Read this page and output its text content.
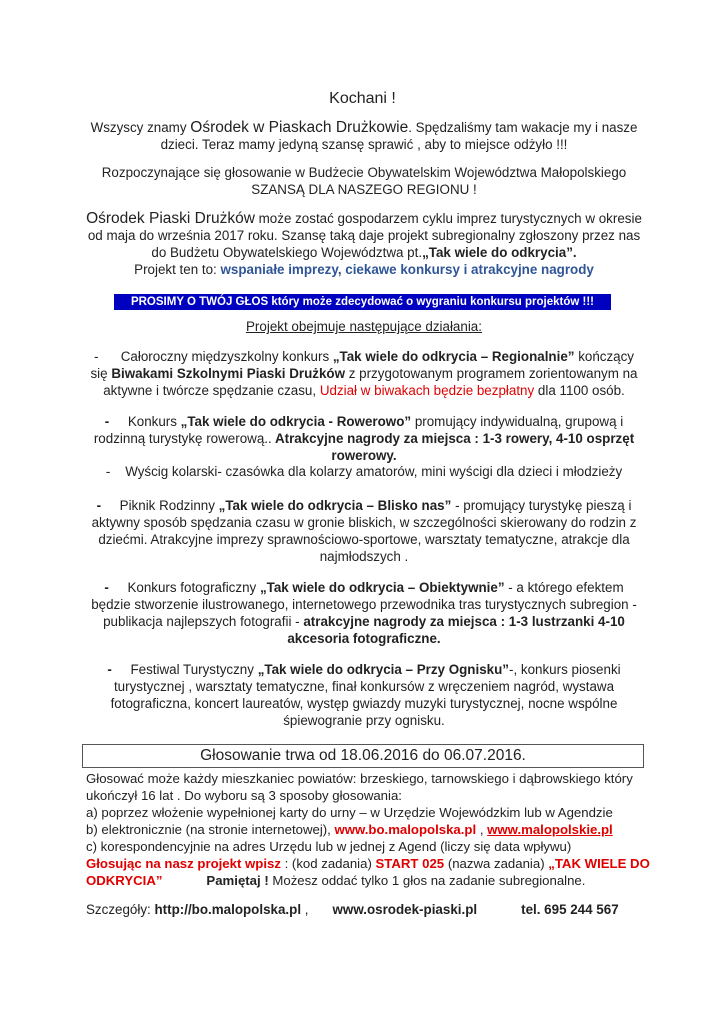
Kochani !

Wszyscy znamy Ośrodek w Piaskach Drużkowie. Spędzaliśmy tam wakacje my i nasze dzieci. Teraz mamy jedyną szansę sprawić , aby to miejsce odżyło !!!

Rozpoczynające się głosowanie w Budżecie Obywatelskim Województwa Małopolskiego

SZANSĄ DLA NASZEGO REGIONU !

Ośrodek Piaski Drużków może zostać gospodarzem cyklu imprez turystycznych w okresie od maja do września 2017 roku. Szansę taką daje projekt subregionalny zgłoszony przez nas do Budżetu Obywatelskiego Województwa pt.„Tak wiele do odkrycia”.

Projekt ten to: wspaniałe imprezy, ciekawe konkursy i atrakcyjne nagrody

PROSIMY O TWÓJ GŁOS który może zdecydować o wygraniu konkursu projektów !!!

Projekt obejmuje następujące działania:

- Całoroczny międzyszkolny konkurs „Tak wiele do odkrycia – Regionalnie” kończący się Biwakami Szkolnymi Piaski Drużków z przygotowanym programem zorientowanym na aktywne i twórcze spędzanie czasu, Udział w biwakach będzie bezpłatny dla 1100 osób.

- Konkurs „Tak wiele do odkrycia - Rowerowo” promujący indywidualną, grupową i rodzinną turystykę rowerową.. Atrakcyjne nagrody za miejsca : 1-3 rowery, 4-10 osprzęt rowerowy.

- Wyścig kolarski- czasówka dla kolarzy amatorów, mini wyścigi dla dzieci i młodzieży

- Piknik Rodzinny „Tak wiele do odkrycia – Blisko nas” - promujący turystykę pieszą i aktywny sposób spędzania czasu w gronie bliskich, w szczególności skierowany do rodzin z dziećmi. Atrakcyjne imprezy sprawnościowo-sportowe, warsztaty tematyczne, atrakcje dla najmłodszych .

- Konkurs fotograficzny „Tak wiele do odkrycia – Obiektywnie” - a którego efektem będzie stworzenie ilustrowanego, internetowego przewodnika tras turystycznych subregion - publikacja najlepszych fotografii - atrakcyjne nagrody za miejsca : 1-3 lustrzanki 4-10 akcesoria fotograficzne.

- Festiwal Turystyczny „Tak wiele do odkrycia – Przy Ognisku”-, konkurs piosenki turystycznej , warsztaty tematyczne, finał konkursów z wręczeniem nagród, wystawa fotograficzna, koncert laureatów, występ gwiazdy muzyki turystycznej, nocne wspólne śpiewogranie przy ognisku.

Głosowanie trwa od 18.06.2016 do 06.07.2016.

Głosować może każdy mieszkaniec powiatów: brzeskiego, tarnowskiego i dąbrowskiego który ukończył 16 lat . Do wyboru są 3 sposoby głosowania:

a) poprzez włożenie wypełnionej karty do urny – w Urzędzie Wojewódzkim lub w Agendzie

b) elektronicznie (na stronie internetowej), www.bo.malopolska.pl , www.malopolskie.pl

c) korespondencyjnie na adres Urzędu lub w jednej z Agend (liczy się data wpływu)

Głosując na nasz projekt wpisz : (kod zadania) START 025 (nazwa zadania) „TAK WIELE DO ODKRYCIA”	Pamiętaj ! Możesz oddać tylko 1 głos na zadanie subregionalne.

Szczegóły: http://bo.malopolska.pl , www.osrodek-piaski.pl	tel. 695 244 567
